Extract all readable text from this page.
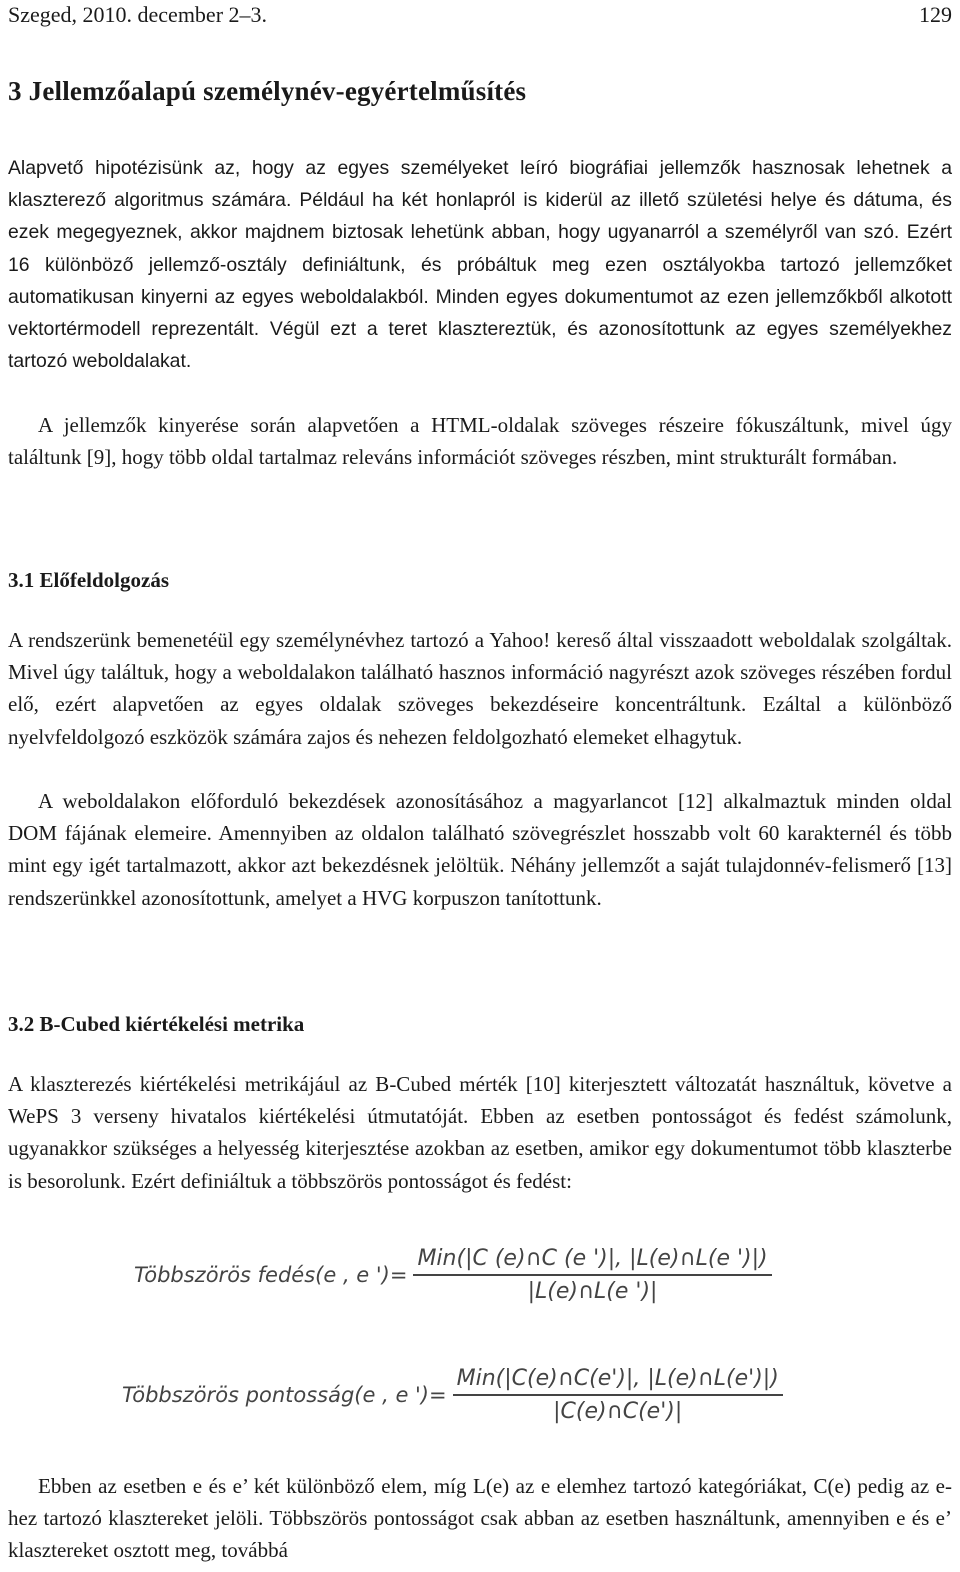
Szeged, 2010. december 2–3.	129
3 Jellemzőalapú személynév-egyértelműsítés

Alapvető hipotézisünk az, hogy az egyes személyeket leíró biográfiai jellemzők hasznosak lehetnek a klaszterező algoritmus számára. Például ha két honlapról is kiderül az illető születési helye és dátuma, és ezek megegyeznek, akkor majdnem biztosak lehetünk abban, hogy ugyanarról a személyről van szó. Ezért 16 különböző jellemző-osztály definiáltunk, és próbáltuk meg ezen osztályokba tartozó jellemzőket automatikusan kinyerni az egyes weboldalakból. Minden egyes dokumentumot az ezen jellemzőkből alkotott vektortérmodell reprezentált. Végül ezt a teret klasztereztük, és azonosítottunk az egyes személyekhez tartozó weboldalakat.

A jellemzők kinyerése során alapvetően a HTML-oldalak szöveges részeire fókuszáltunk, mivel úgy találtunk [9], hogy több oldal tartalmaz releváns információt szöveges részben, mint strukturált formában.

3.1 Előfeldolgozás

A rendszerünk bemenetéül egy személynévhez tartozó a Yahoo! kereső által visszaadott weboldalak szolgáltak. Mivel úgy találtuk, hogy a weboldalakon található hasznos információ nagyrészt azok szöveges részében fordul elő, ezért alapvetően az egyes oldalak szöveges bekezdéseire koncentráltunk. Ezáltal a különböző nyelvfeldolgozó eszközök számára zajos és nehezen feldolgozható elemeket elhagytuk.

A weboldalakon előforduló bekezdések azonosításához a magyarlancot [12] alkalmaztuk minden oldal DOM fájának elemeire. Amennyiben az oldalon található szövegrészlet hosszabb volt 60 karakternél és több mint egy igét tartalmazott, akkor azt bekezdésnek jelöltük. Néhány jellemzőt a saját tulajdonnév-felismerő [13] rendszerünkkel azonosítottunk, amelyet a HVG korpuszon tanítottunk.

3.2 B-Cubed kiértékelési metrika

A klaszterezés kiértékelési metrikájául az B-Cubed mérték [10] kiterjesztett változatát használtuk, követve a WePS 3 verseny hivatalos kiértékelési útmutatóját. Ebben az esetben pontosságot és fedést számolunk, ugyanakkor szükséges a helyesség kiterjesztése azokban az esetben, amikor egy dokumentumot több klaszterbe is besorolunk. Ezért definiáltuk a többszörös pontosságot és fedést:

Többszörös fedés(e , e ')= $\frac{\text{Min(|C (e)∩C (e ')|, |L(e)∩L(e ')|)}}{|L(e)\cap L(e ')|}$
Többszörös pontosság(e , e ')= $\frac{\text{Min(|C(e)∩C(e')|, |L(e)∩L(e')|)}}{|C(e)\cap C(e')|}$

Ebben az esetben e és e’ két különböző elem, míg L(e) az e elemhez tartozó kategóriákat, C(e) pedig az e-hez tartozó klasztereket jelöli. Többszörös pontosságot csak abban az esetben használtunk, amennyiben e és e’ klasztereket osztott meg, továbbá
